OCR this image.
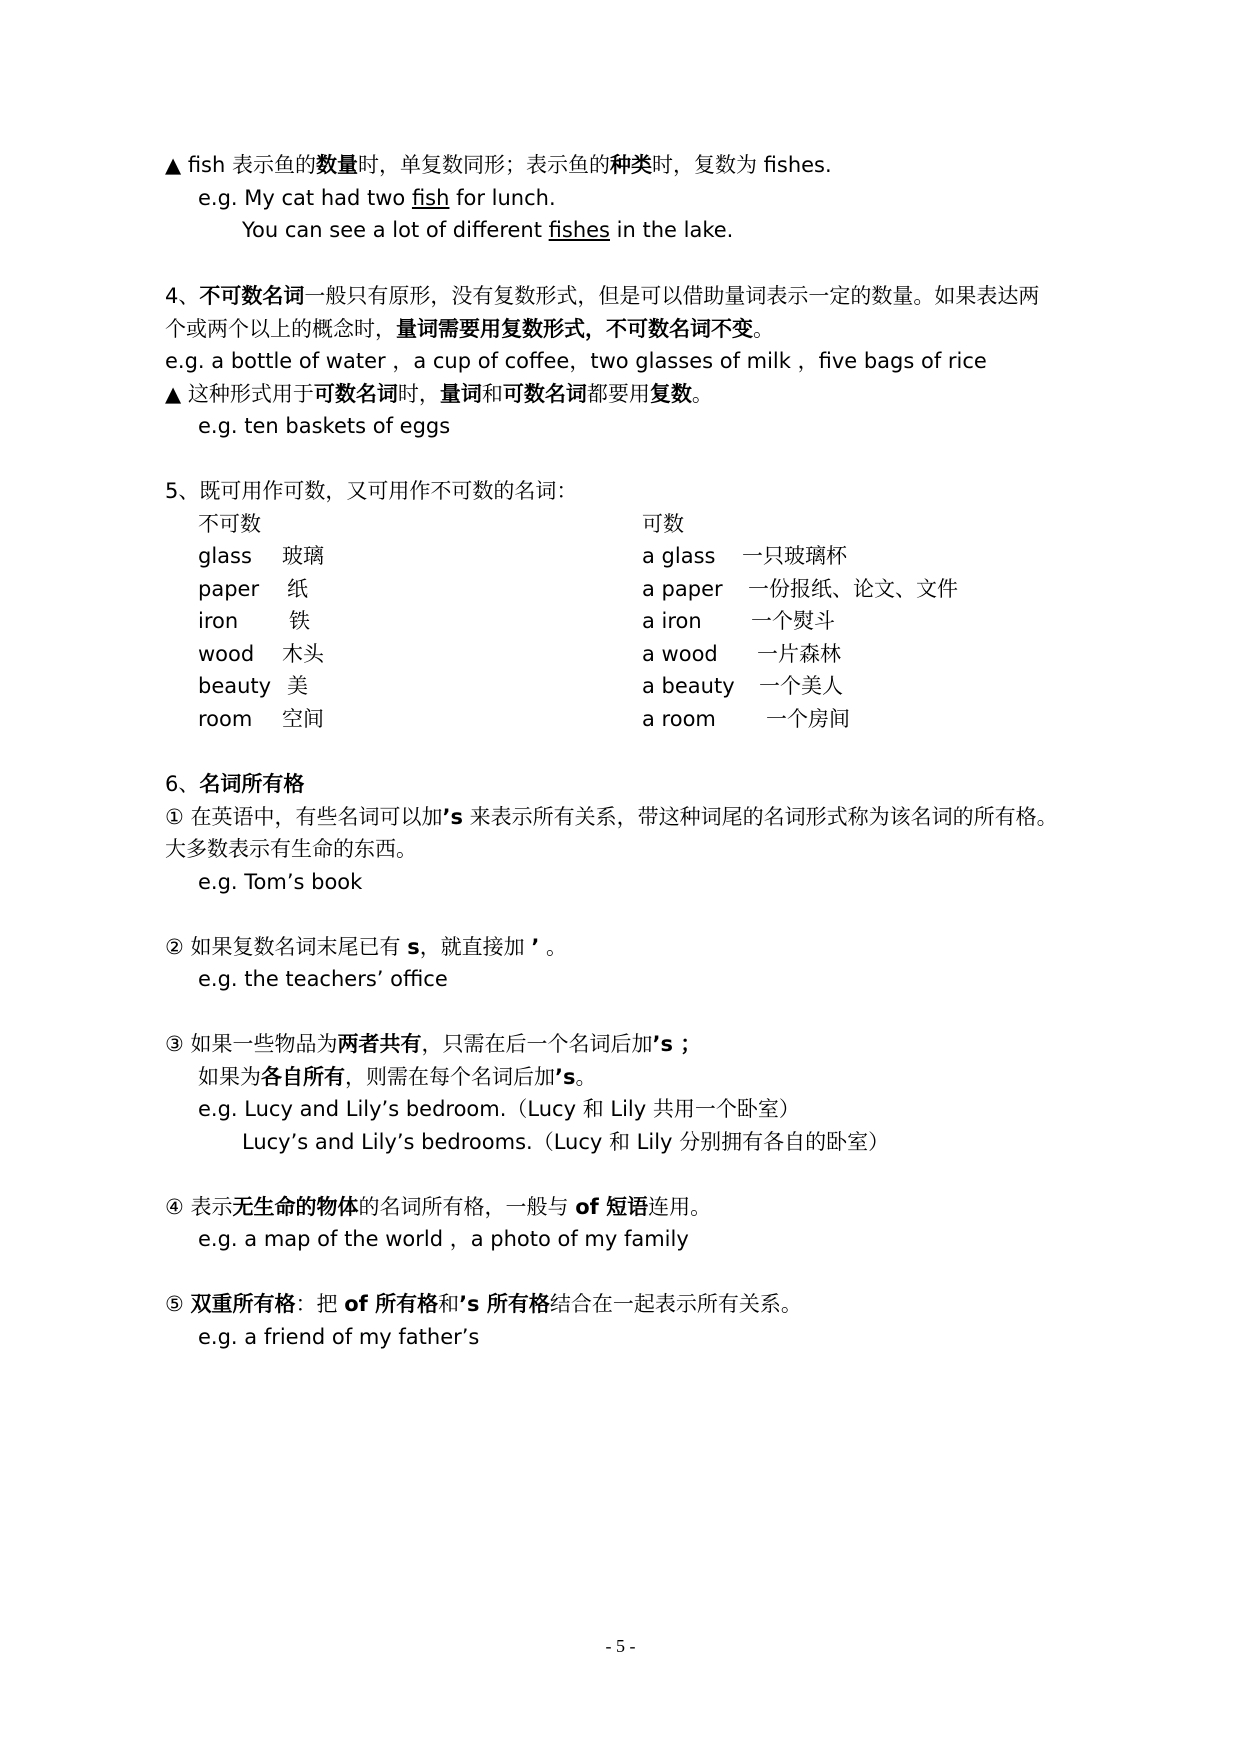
▲ fish 表示鱼的数量时，单复数同形；表示鱼的种类时，复数为 fishes.
e.g. My cat had two fish for lunch.
You can see a lot of different fishes in the lake.
4、不可数名词一般只有原形，没有复数形式，但是可以借助量词表示一定的数量。如果表达两
个或两个以上的概念时，量词需要用复数形式，不可数名词不变。
e.g. a bottle of water ，a cup of coffee，two glasses of milk ，five bags of rice
▲ 这种形式用于可数名词时，量词和可数名词都要用复数。
e.g. ten baskets of eggs
5、既可用作可数，又可用作不可数的名词：
不可数	可数
glass 玻璃	a glass 一只玻璃杯
paper 纸	a paper 一份报纸、论文、文件
iron 铁	a iron 一个熨斗
wood 木头	a wood 一片森林
beauty 美	a beauty 一个美人
room 空间	a room 一个房间
6、名词所有格
① 在英语中，有些名词可以加’s 来表示所有关系，带这种词尾的名词形式称为该名词的所有格。
大多数表示有生命的东西。
e.g. Tom’s book
② 如果复数名词末尾已有 s，就直接加 ’ 。
e.g. the teachers’ office
③ 如果一些物品为两者共有，只需在后一个名词后加’s ；
如果为各自所有，则需在每个名词后加’s。
e.g. Lucy and Lily’s bedroom.（Lucy 和 Lily 共用一个卧室）
Lucy’s and Lily’s bedrooms.（Lucy 和 Lily 分别拥有各自的卧室）
④ 表示无生命的物体的名词所有格，一般与 of 短语连用。
e.g. a map of the world ，a photo of my family
⑤ 双重所有格：把 of 所有格和’s 所有格结合在一起表示所有关系。
e.g. a friend of my father’s
- 5 -
